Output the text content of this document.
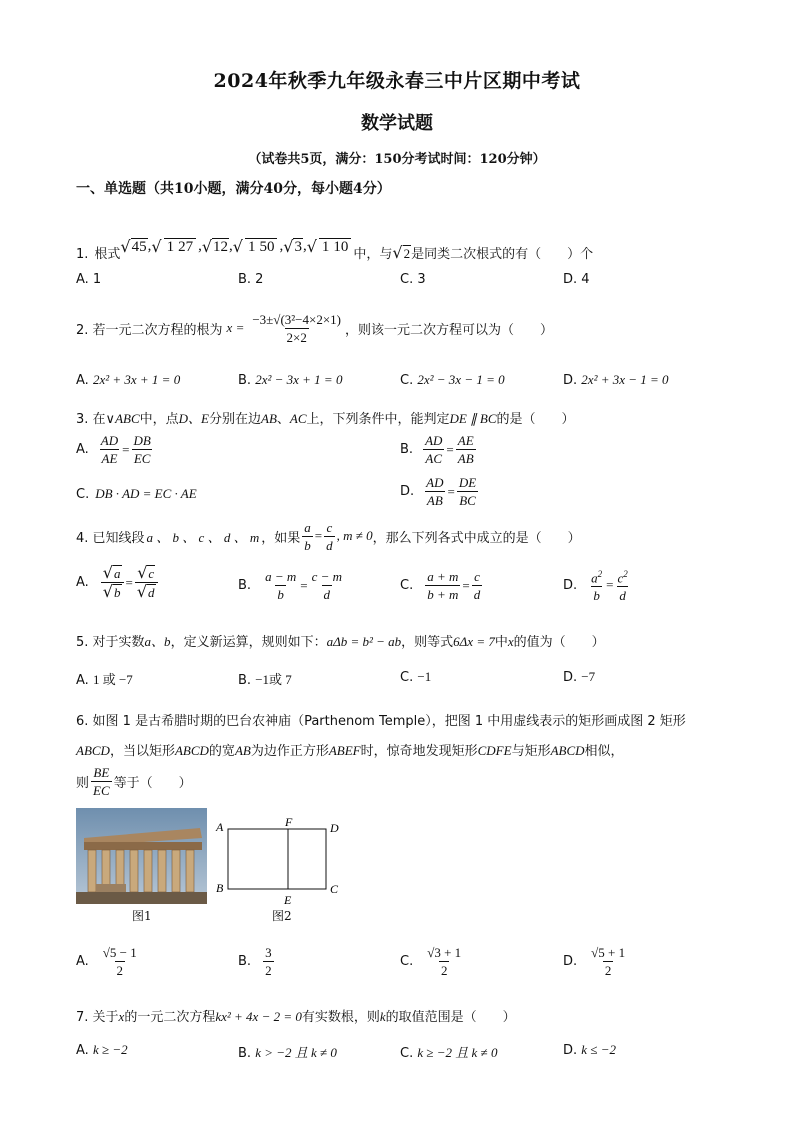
2024年秋季九年级永春三中片区期中考试
数学试题
（试卷共5页，满分：150分考试时间：120分钟）
一、单选题（共10小题，满分40分，每小题4分）
1. 根式 √ 45 , √ 1 27 , √ 12 , √ 1 50 , √ 3 , √ 1 10 中，与 √2 是同类二次根式的有（　　）个
A. 1	B. 2	C. 3	D. 4
2. 若一元二次方程的根为 $x = \frac{\text{−3±√(3²−4×2×1)}}{2\times 2}$ ，则该一元二次方程可以为（　　）
A. 2x² + 3x + 1 = 0	B. 2x² − 3x + 1 = 0	C. 2x² − 3x − 1 = 0	D. 2x² + 3x − 1 = 0
3. 在∨ABC中，点D、E分别在边AB、AC上，下列条件中，能判定DE ∥ BC的是（　　）
A. $\frac{AD}{AE} = \frac{DB}{EC}$	B. $\frac{AD}{AC} = \frac{AE}{AB}$
C. DB · AD = EC · AE	D. $\frac{AD}{AB} = \frac{DE}{BC}$
4. 已知线段 a 、 b 、 c 、 d 、 m ，如果 $\frac{a}{b} = \frac{c}{d}$ , m ≠ 0 ，那么下列各式中成立的是（　　）
A. $\frac{√a}{√b} = \frac{√c}{√d}$	B. $\frac{a - m}{b} = \frac{c - m}{d}$	C. $\frac{a + m}{b + m} = \frac{c}{d}$	D. $\frac{a^2}{b} = \frac{c^2}{d}$
5. 对于实数a、b，定义新运算，规则如下：aΔb = b² − ab，则等式6Δx = 7中x的值为（　　）
A. 1 或 −7	B. −1或 7	C. −1	D. −7
6. 如图 1 是古希腊时期的巴台农神庙（Parthenom Temple），把图 1 中用虚线表示的矩形画成图 2 矩形
ABCD，当以矩形ABCD的宽AB为边作正方形ABEF时，惊奇地发现矩形CDFE与矩形ABCD相似，
则 $\frac{BE}{EC}$ 等于（　　）
图1
A	F	D
B
E
C
图2
A. $\frac{√5 - 1}{2}$	B. $\frac{3}{2}$	C. $\frac{√3 + 1}{2}$	D. $\frac{√5 + 1}{2}$
7. 关于x的一元二次方程kx² + 4x − 2 = 0有实数根，则k的取值范围是（　　）
A. k ≥ −2	B. k > −2 且 k ≠ 0	C. k ≥ −2 且 k ≠ 0	D. k ≤ −2
